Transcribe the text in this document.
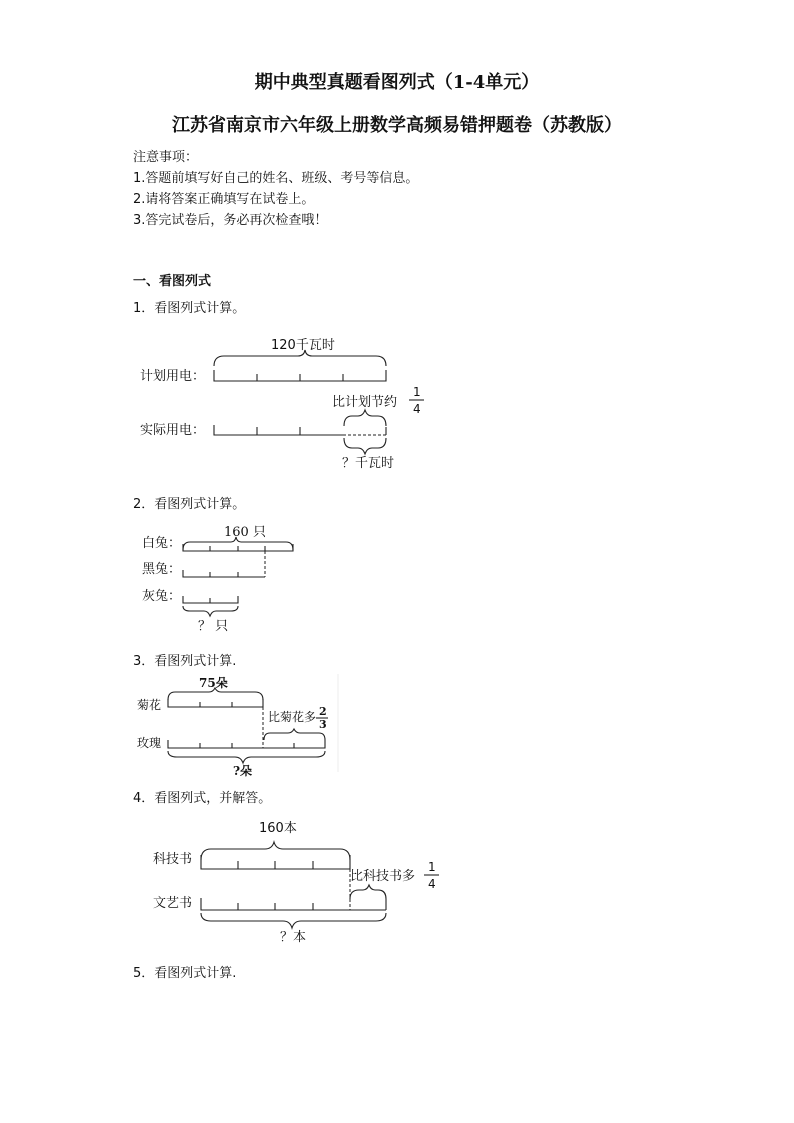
期中典型真题看图列式（1-4单元）
江苏省南京市六年级上册数学高频易错押题卷（苏教版）
注意事项：
1.答题前填写好自己的姓名、班级、考号等信息。
2.请将答案正确填写在试卷上。
3.答完试卷后，务必再次检查哦！
一、看图列式
1．看图列式计算。
120千瓦时
计划用电：
比计划节约
1
4
实际用电：
？千瓦时
2．看图列式计算。
160 只
白兔：
黑兔：
灰兔：
？ 只
3．看图列式计算.
75朵
菊花
比菊花多 2
3
玫瑰
?朵
4．看图列式，并解答。
160本
科技书
比科技书多
1
4
文艺书
？本
5．看图列式计算.
